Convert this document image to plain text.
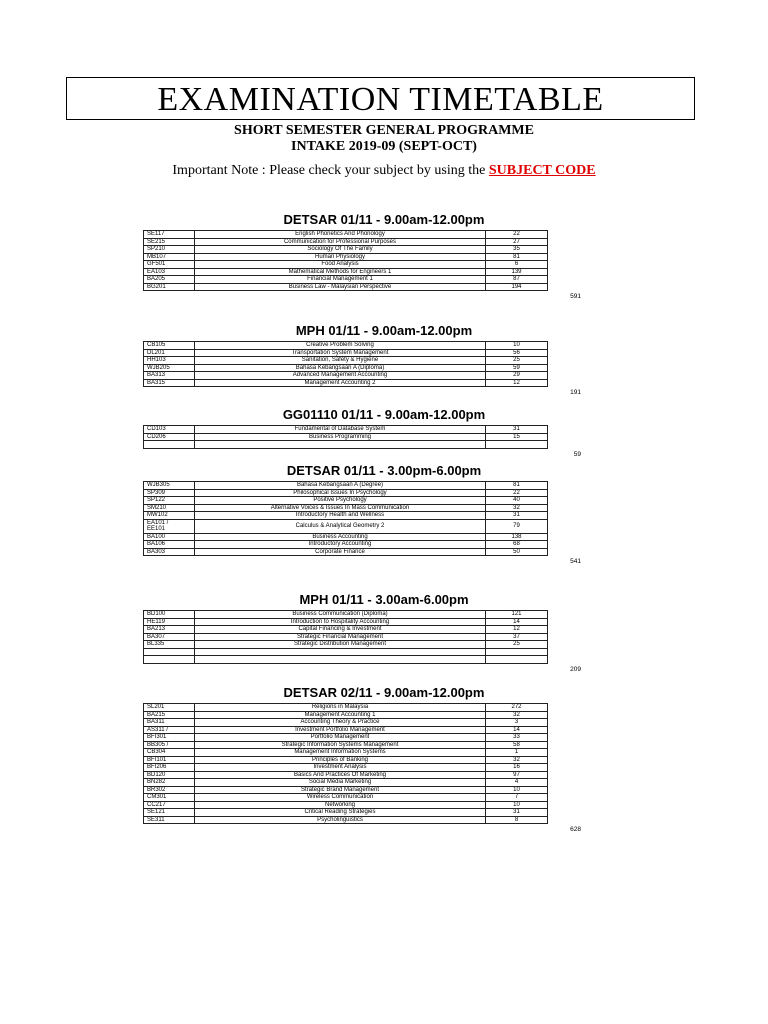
EXAMINATION TIMETABLE
SHORT SEMESTER GENERAL PROGRAMME
INTAKE 2019-09 (SEPT-OCT)
Important Note : Please check your subject by using the SUBJECT CODE
DETSAR 01/11 - 9.00am-12.00pm
SE117	English Phonetics And Phonology	22
SE215	Communication for Professional Purposes	27
SP210	Sociology Of The Family	35
MB107	Human Physiology	81
GF501	Food Analysis	6
EA103	Mathematical Methods for Engineers 1	139
BA205	Financial Management 1	87
BG201	Business Law - Malaysian Perspective	194
591
MPH 01/11 - 9.00am-12.00pm
CB105	Creative Problem Solving	10
DL201	Transportation System Management	56
HH103	Sanitation, Safety & Hygiene	25
WJB205	Bahasa Kebangsaan A (Diploma)	59
BA313	Advanced Management Accounting	29
BA315	Management Accounting 2	12
191
GG01110 01/11 - 9.00am-12.00pm
CD103	Fundamental of Database System	31
CD206	Business Programming	15

59
DETSAR 01/11 - 3.00pm-6.00pm
WJB305	Bahasa Kebangsaan A (Degree)	81
SP309	Philosophical Issues In Psychology	22
SP122	Positive Psychology	40
SM210	Alternative Voices & Issues In Mass Communication	32
MW102	Introductory Health and Wellness	31

EA101 /
EE101	Calculus & Analytical Geometry 2	79
BA100	Business Accounting	138
BA106	Introductory Accounting	68
BA303	Corporate Finance	50
541
MPH 01/11 - 3.00am-6.00pm
BD100	Business Communication (Diploma)	121
HE119	Introduction to Hospitality Accounting	14
BA213	Capital Financing & Investment	12
BA307	Strategic Financial Management	37
BL335	Strategic Distribution Management	25

209
DETSAR 02/11 - 9.00am-12.00pm
SL201	Religions in Malaysia	272
BA215	Management Accounting 1	32
BA311	Accounting Theory & Practice	3
AS311 /	Investment Portfolio Management	14
BFI301	Portfolio Management	33
BB305 /	Strategic Information Systems Management	58
CB304	Management Information Systems	1
BFI101	Principles of Banking	32
BFI206	Investment Analysis	16
BD120	Basics And Practices Of Marketing	97
BN282	Social Media Marketing	4
BR302	Strategic Brand Management	10
CM301	Wireless Communication	7
CC217	Networking	10
SE121	Critical Reading Strategies	31
SE311	Psycholinguistics	8
628
